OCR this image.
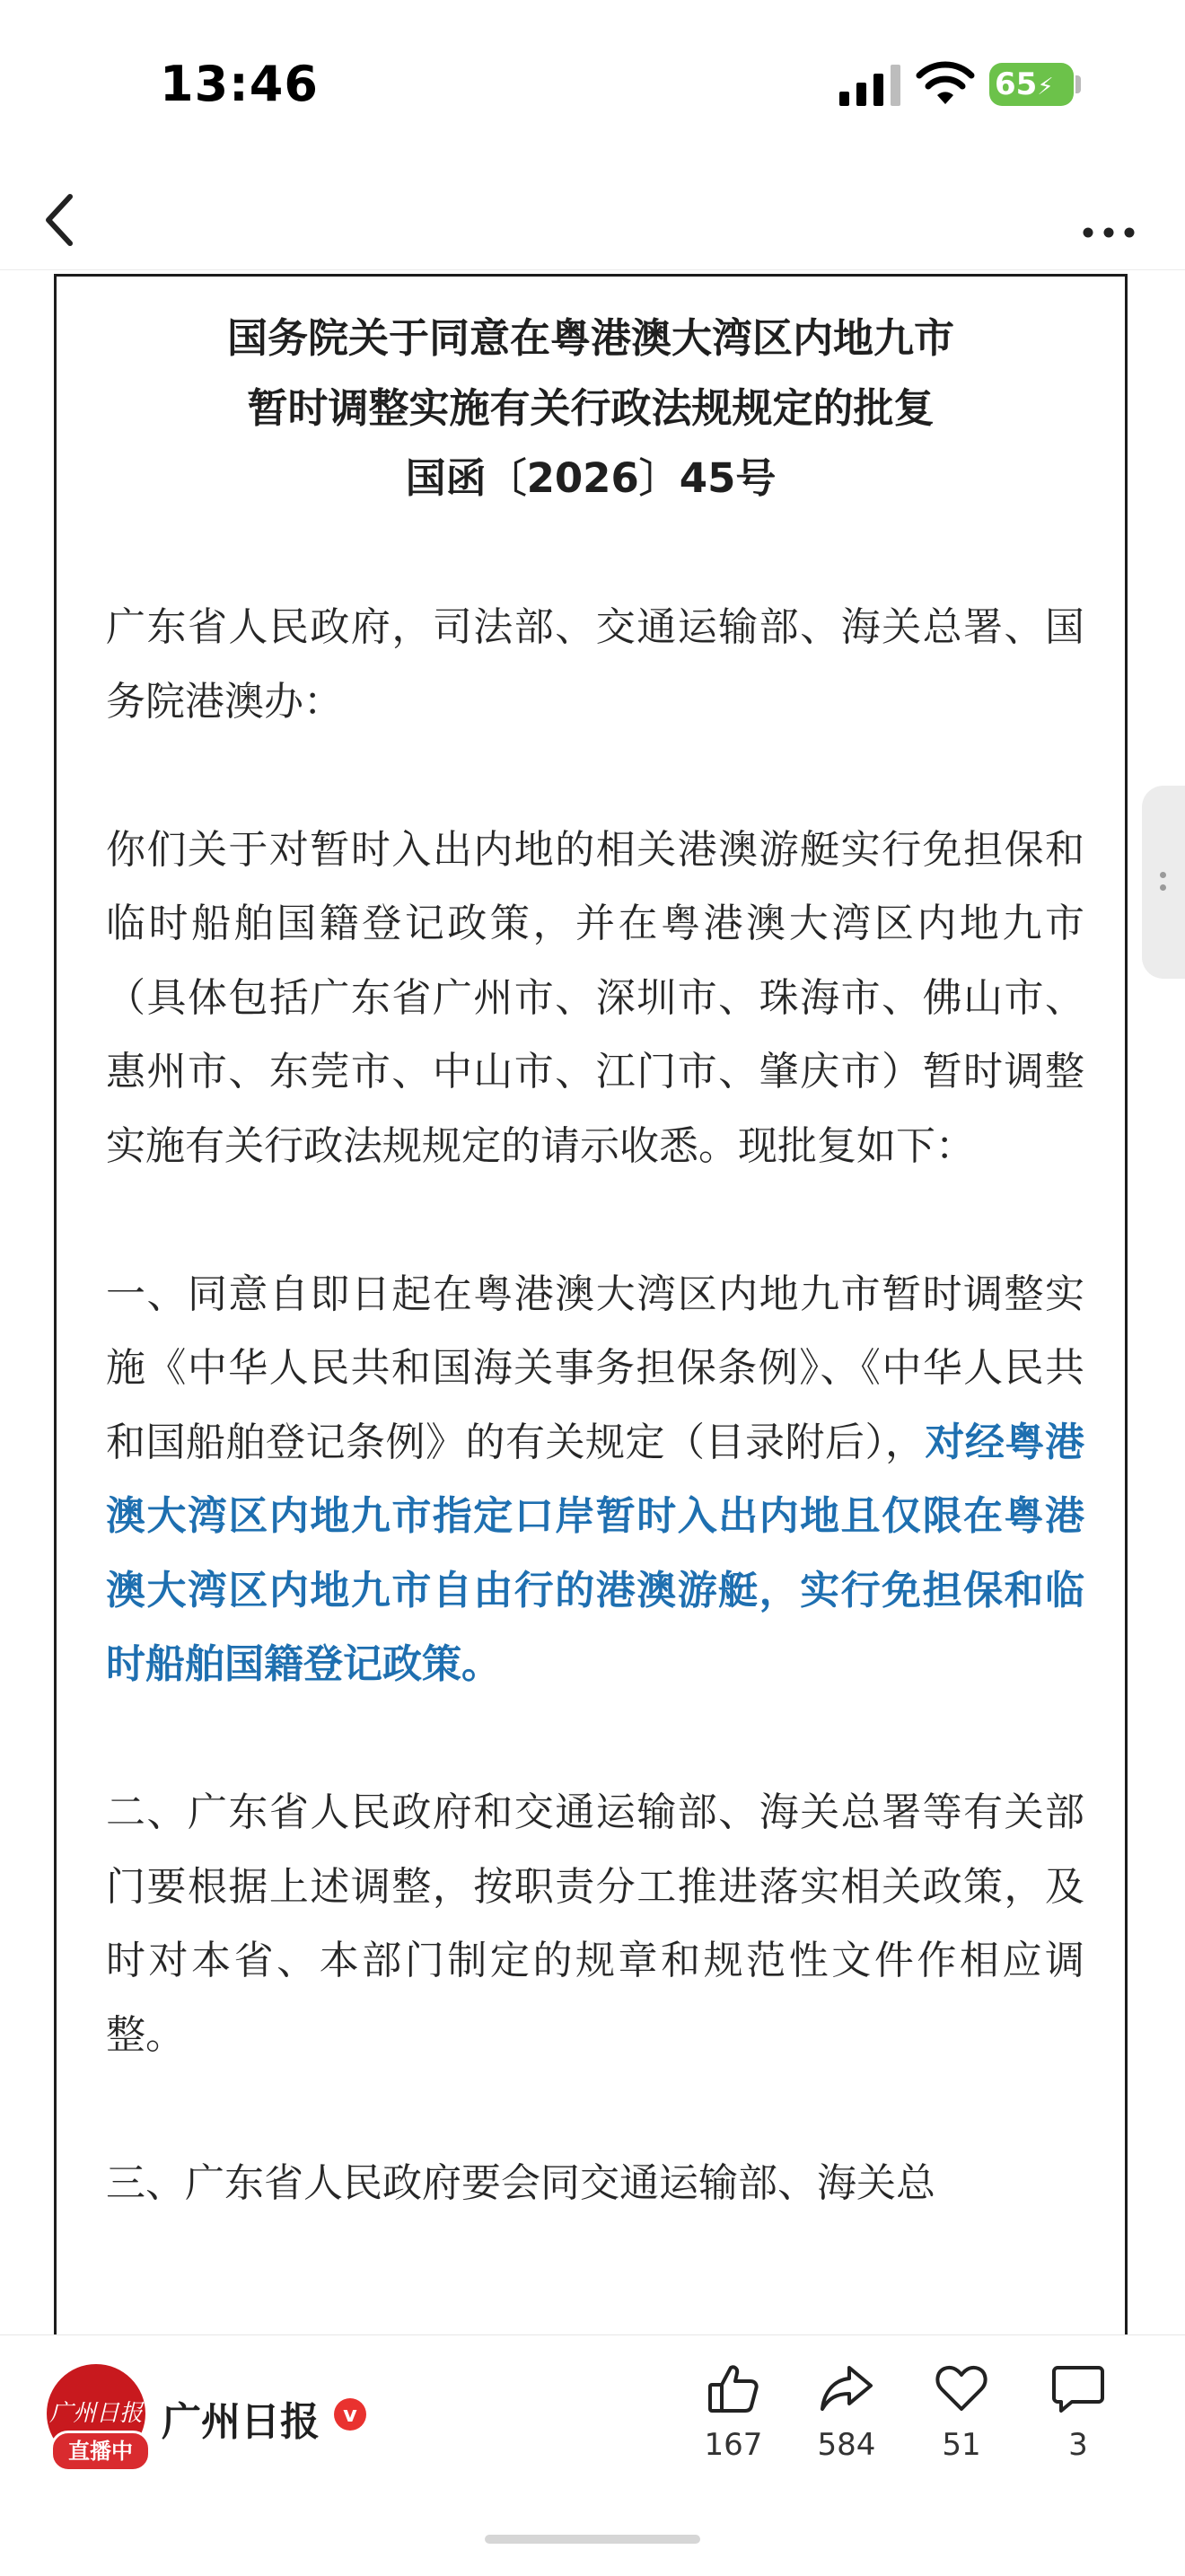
13:46	65⚡
国务院关于同意在粤港澳大湾区内地九市
暂时调整实施有关行政法规规定的批复
国函〔2026〕45号

广东省人民政府，司法部、交通运输部、海关总署、国务院港澳办：

你们关于对暂时入出内地的相关港澳游艇实行免担保和临时船舶国籍登记政策，并在粤港澳大湾区内地九市（具体包括广东省广州市、深圳市、珠海市、佛山市、惠州市、东莞市、中山市、江门市、肇庆市）暂时调整实施有关行政法规规定的请示收悉。现批复如下：

一、同意自即日起在粤港澳大湾区内地九市暂时调整实施《中华人民共和国海关事务担保条例》、《中华人民共和国船舶登记条例》的有关规定（目录附后），对经粤港澳大湾区内地九市指定口岸暂时入出内地且仅限在粤港澳大湾区内地九市自由行的港澳游艇，实行免担保和临时船舶国籍登记政策。

二、广东省人民政府和交通运输部、海关总署等有关部门要根据上述调整，按职责分工推进落实相关政策，及时对本省、本部门制定的规章和规范性文件作相应调整。

三、广东省人民政府要会同交通运输部、海关总

广州日报
直播中
广州日报	v
167	584	51	3
